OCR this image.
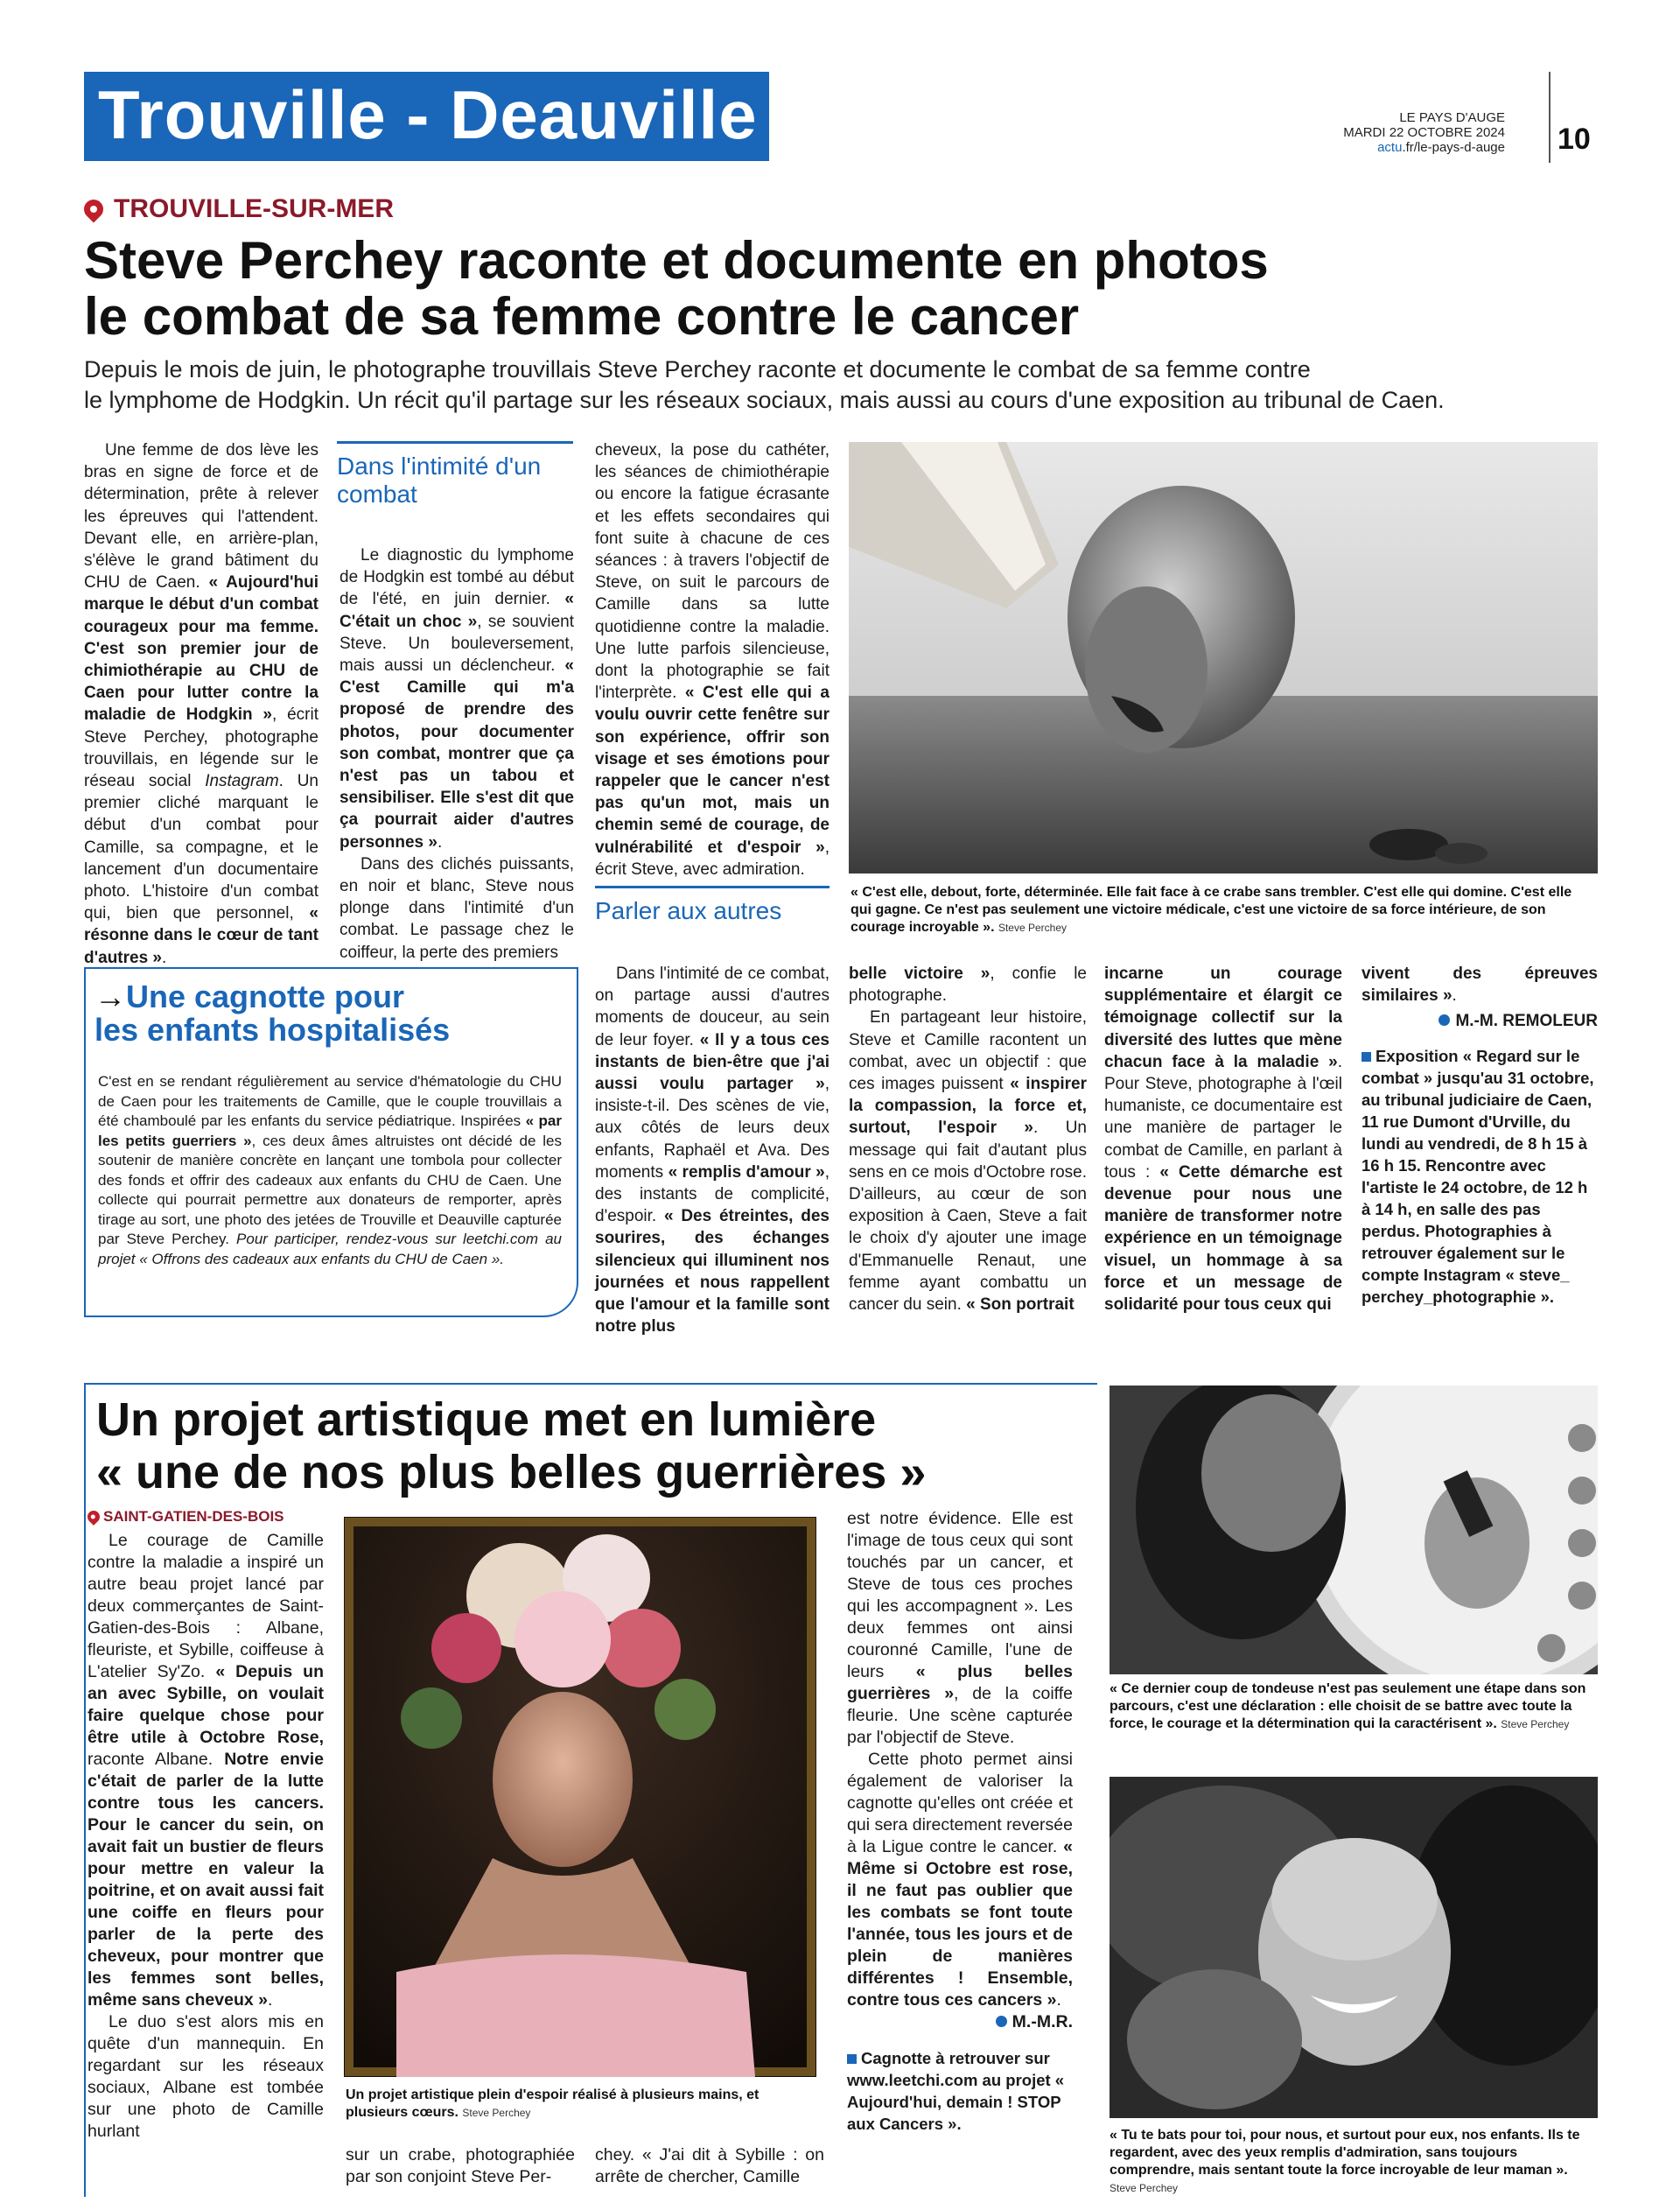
Trouville - Deauville	LE PAYS D'AUGE
MARDI 22 OCTOBRE 2024
actu.fr/le-pays-d-auge 10
TROUVILLE-SUR-MER
Steve Perchey raconte et documente en photos
le combat de sa femme contre le cancer
Depuis le mois de juin, le photographe trouvillais Steve Perchey raconte et documente le combat de sa femme contre
le lymphome de Hodgkin. Un récit qu'il partage sur les réseaux sociaux, mais aussi au cours d'une exposition au tribunal de Caen.

Une femme de dos lève les bras en signe de force et de détermination, prête à relever les épreuves qui l'attendent. Devant elle, en arrière-plan, s'élève le grand bâtiment du CHU de Caen. « Aujourd'hui marque le début d'un combat courageux pour ma femme. C'est son premier jour de chimiothérapie au CHU de Caen pour lutter contre la maladie de Hodgkin », écrit Steve Perchey, photographe trouvillais, en légende sur le réseau social Instagram. Un premier cliché marquant le début d'un combat pour Camille, sa compagne, et le lancement d'un documentaire photo. L'histoire d'un combat qui, bien que personnel, « résonne dans le cœur de tant d'autres ».

Dans l'intimité d'un combat

Le diagnostic du lymphome de Hodgkin est tombé au début de l'été, en juin dernier. « C'était un choc », se souvient Steve. Un bouleversement, mais aussi un déclencheur. « C'est Camille qui m'a proposé de prendre des photos, pour documenter son combat, montrer que ça n'est pas un tabou et sensibiliser. Elle s'est dit que ça pourrait aider d'autres personnes ».

Dans des clichés puissants, en noir et blanc, Steve nous plonge dans l'intimité d'un combat. Le passage chez le coiffeur, la perte des premiers

cheveux, la pose du cathéter, les séances de chimiothérapie ou encore la fatigue écrasante et les effets secondaires qui font suite à chacune de ces séances : à travers l'objectif de Steve, on suit le parcours de Camille dans sa lutte quotidienne contre la maladie. Une lutte parfois silencieuse, dont la photographie se fait l'interprète. « C'est elle qui a voulu ouvrir cette fenêtre sur son expérience, offrir son visage et ses émotions pour rappeler que le cancer n'est pas qu'un mot, mais un chemin semé de courage, de vulnérabilité et d'espoir », écrit Steve, avec admiration.

Parler aux autres

Dans l'intimité de ce combat, on partage aussi d'autres moments de douceur, au sein de leur foyer. « Il y a tous ces instants de bien-être que j'ai aussi voulu partager », insiste-t-il. Des scènes de vie, aux côtés de leurs deux enfants, Raphaël et Ava. Des moments « remplis d'amour », des instants de complicité, d'espoir. « Des étreintes, des sourires, des échanges silencieux qui illuminent nos journées et nous rappellent que l'amour et la famille sont notre plus

« C'est elle, debout, forte, déterminée. Elle fait face à ce crabe sans trembler. C'est elle qui domine. C'est elle qui gagne. Ce n'est pas seulement une victoire médicale, c'est une victoire de sa force intérieure, de son courage incroyable ». Steve Perchey

belle victoire », confie le photographe.

En partageant leur histoire, Steve et Camille racontent un combat, avec un objectif : que ces images puissent « inspirer la compassion, la force et, surtout, l'espoir ». Un message qui fait d'autant plus sens en ce mois d'Octobre rose. D'ailleurs, au cœur de son exposition à Caen, Steve a fait le choix d'y ajouter une image d'Emmanuelle Renaut, une femme ayant combattu un cancer du sein. « Son portrait

incarne un courage supplémentaire et élargit ce témoignage collectif sur la diversité des luttes que mène chacun face à la maladie ». Pour Steve, photographe à l'œil humaniste, ce documentaire est une manière de partager le combat de Camille, en parlant à tous : « Cette démarche est devenue pour nous une manière de transformer notre expérience en un témoignage visuel, un hommage à sa force et un message de solidarité pour tous ceux qui

vivent des épreuves similaires ».

M.-M. REMOLEUR

Exposition « Regard sur le combat » jusqu'au 31 octobre, au tribunal judiciaire de Caen, 11 rue Dumont d'Urville, du lundi au vendredi, de 8 h 15 à 16 h 15. Rencontre avec l'artiste le 24 octobre, de 12 h à 14 h, en salle des pas perdus. Photographies à retrouver également sur le compte Instagram « steve_ perchey_photographie ».

→Une cagnotte pour
les enfants hospitalisés
C'est en se rendant régulièrement au service d'hématologie du CHU de Caen pour les traitements de Camille, que le couple trouvillais a été chamboulé par les enfants du service pédiatrique. Inspirées « par les petits guerriers », ces deux âmes altruistes ont décidé de les soutenir de manière concrète en lançant une tombola pour collecter des fonds et offrir des cadeaux aux enfants du CHU de Caen. Une collecte qui pourrait permettre aux donateurs de remporter, après tirage au sort, une photo des jetées de Trouville et Deauville capturée par Steve Perchey. Pour participer, rendez-vous sur leetchi.com au projet « Offrons des cadeaux aux enfants du CHU de Caen ».
Un projet artistique met en lumière
« une de nos plus belles guerrières »
SAINT-GATIEN-DES-BOIS

Le courage de Camille contre la maladie a inspiré un autre beau projet lancé par deux commerçantes de Saint-Gatien-des-Bois : Albane, fleuriste, et Sybille, coiffeuse à L'atelier Sy'Zo. « Depuis un an avec Sybille, on voulait faire quelque chose pour être utile à Octobre Rose, raconte Albane. Notre envie c'était de parler de la lutte contre tous les cancers. Pour le cancer du sein, on avait fait un bustier de fleurs pour mettre en valeur la poitrine, et on avait aussi fait une coiffe en fleurs pour parler de la perte des cheveux, pour montrer que les femmes sont belles, même sans cheveux ».

Le duo s'est alors mis en quête d'un mannequin. En regardant sur les réseaux sociaux, Albane est tombée sur une photo de Camille hurlant

Un projet artistique plein d'espoir réalisé à plusieurs mains, et plusieurs cœurs. Steve Perchey
sur un crabe, photographiée par son conjoint Steve Per-
chey. « J'ai dit à Sybille : on arrête de chercher, Camille

est notre évidence. Elle est l'image de tous ceux qui sont touchés par un cancer, et Steve de tous ces proches qui les accompagnent ». Les deux femmes ont ainsi couronné Camille, l'une de leurs « plus belles guerrières », de la coiffe fleurie. Une scène capturée par l'objectif de Steve.

Cette photo permet ainsi également de valoriser la cagnotte qu'elles ont créée et qui sera directement reversée à la Ligue contre le cancer. « Même si Octobre est rose, il ne faut pas oublier que les combats se font toute l'année, tous les jours et de plein de manières différentes ! Ensemble, contre tous ces cancers ».

M.-M.R.

Cagnotte à retrouver sur www.leetchi.com au projet « Aujourd'hui, demain ! STOP aux Cancers ».

« Ce dernier coup de tondeuse n'est pas seulement une étape dans son parcours, c'est une déclaration : elle choisit de se battre avec toute la force, le courage et la détermination qui la caractérisent ». Steve Perchey
« Tu te bats pour toi, pour nous, et surtout pour eux, nos enfants. Ils te regardent, avec des yeux remplis d'admiration, sans toujours comprendre, mais sentant toute la force incroyable de leur maman ». Steve Perchey
